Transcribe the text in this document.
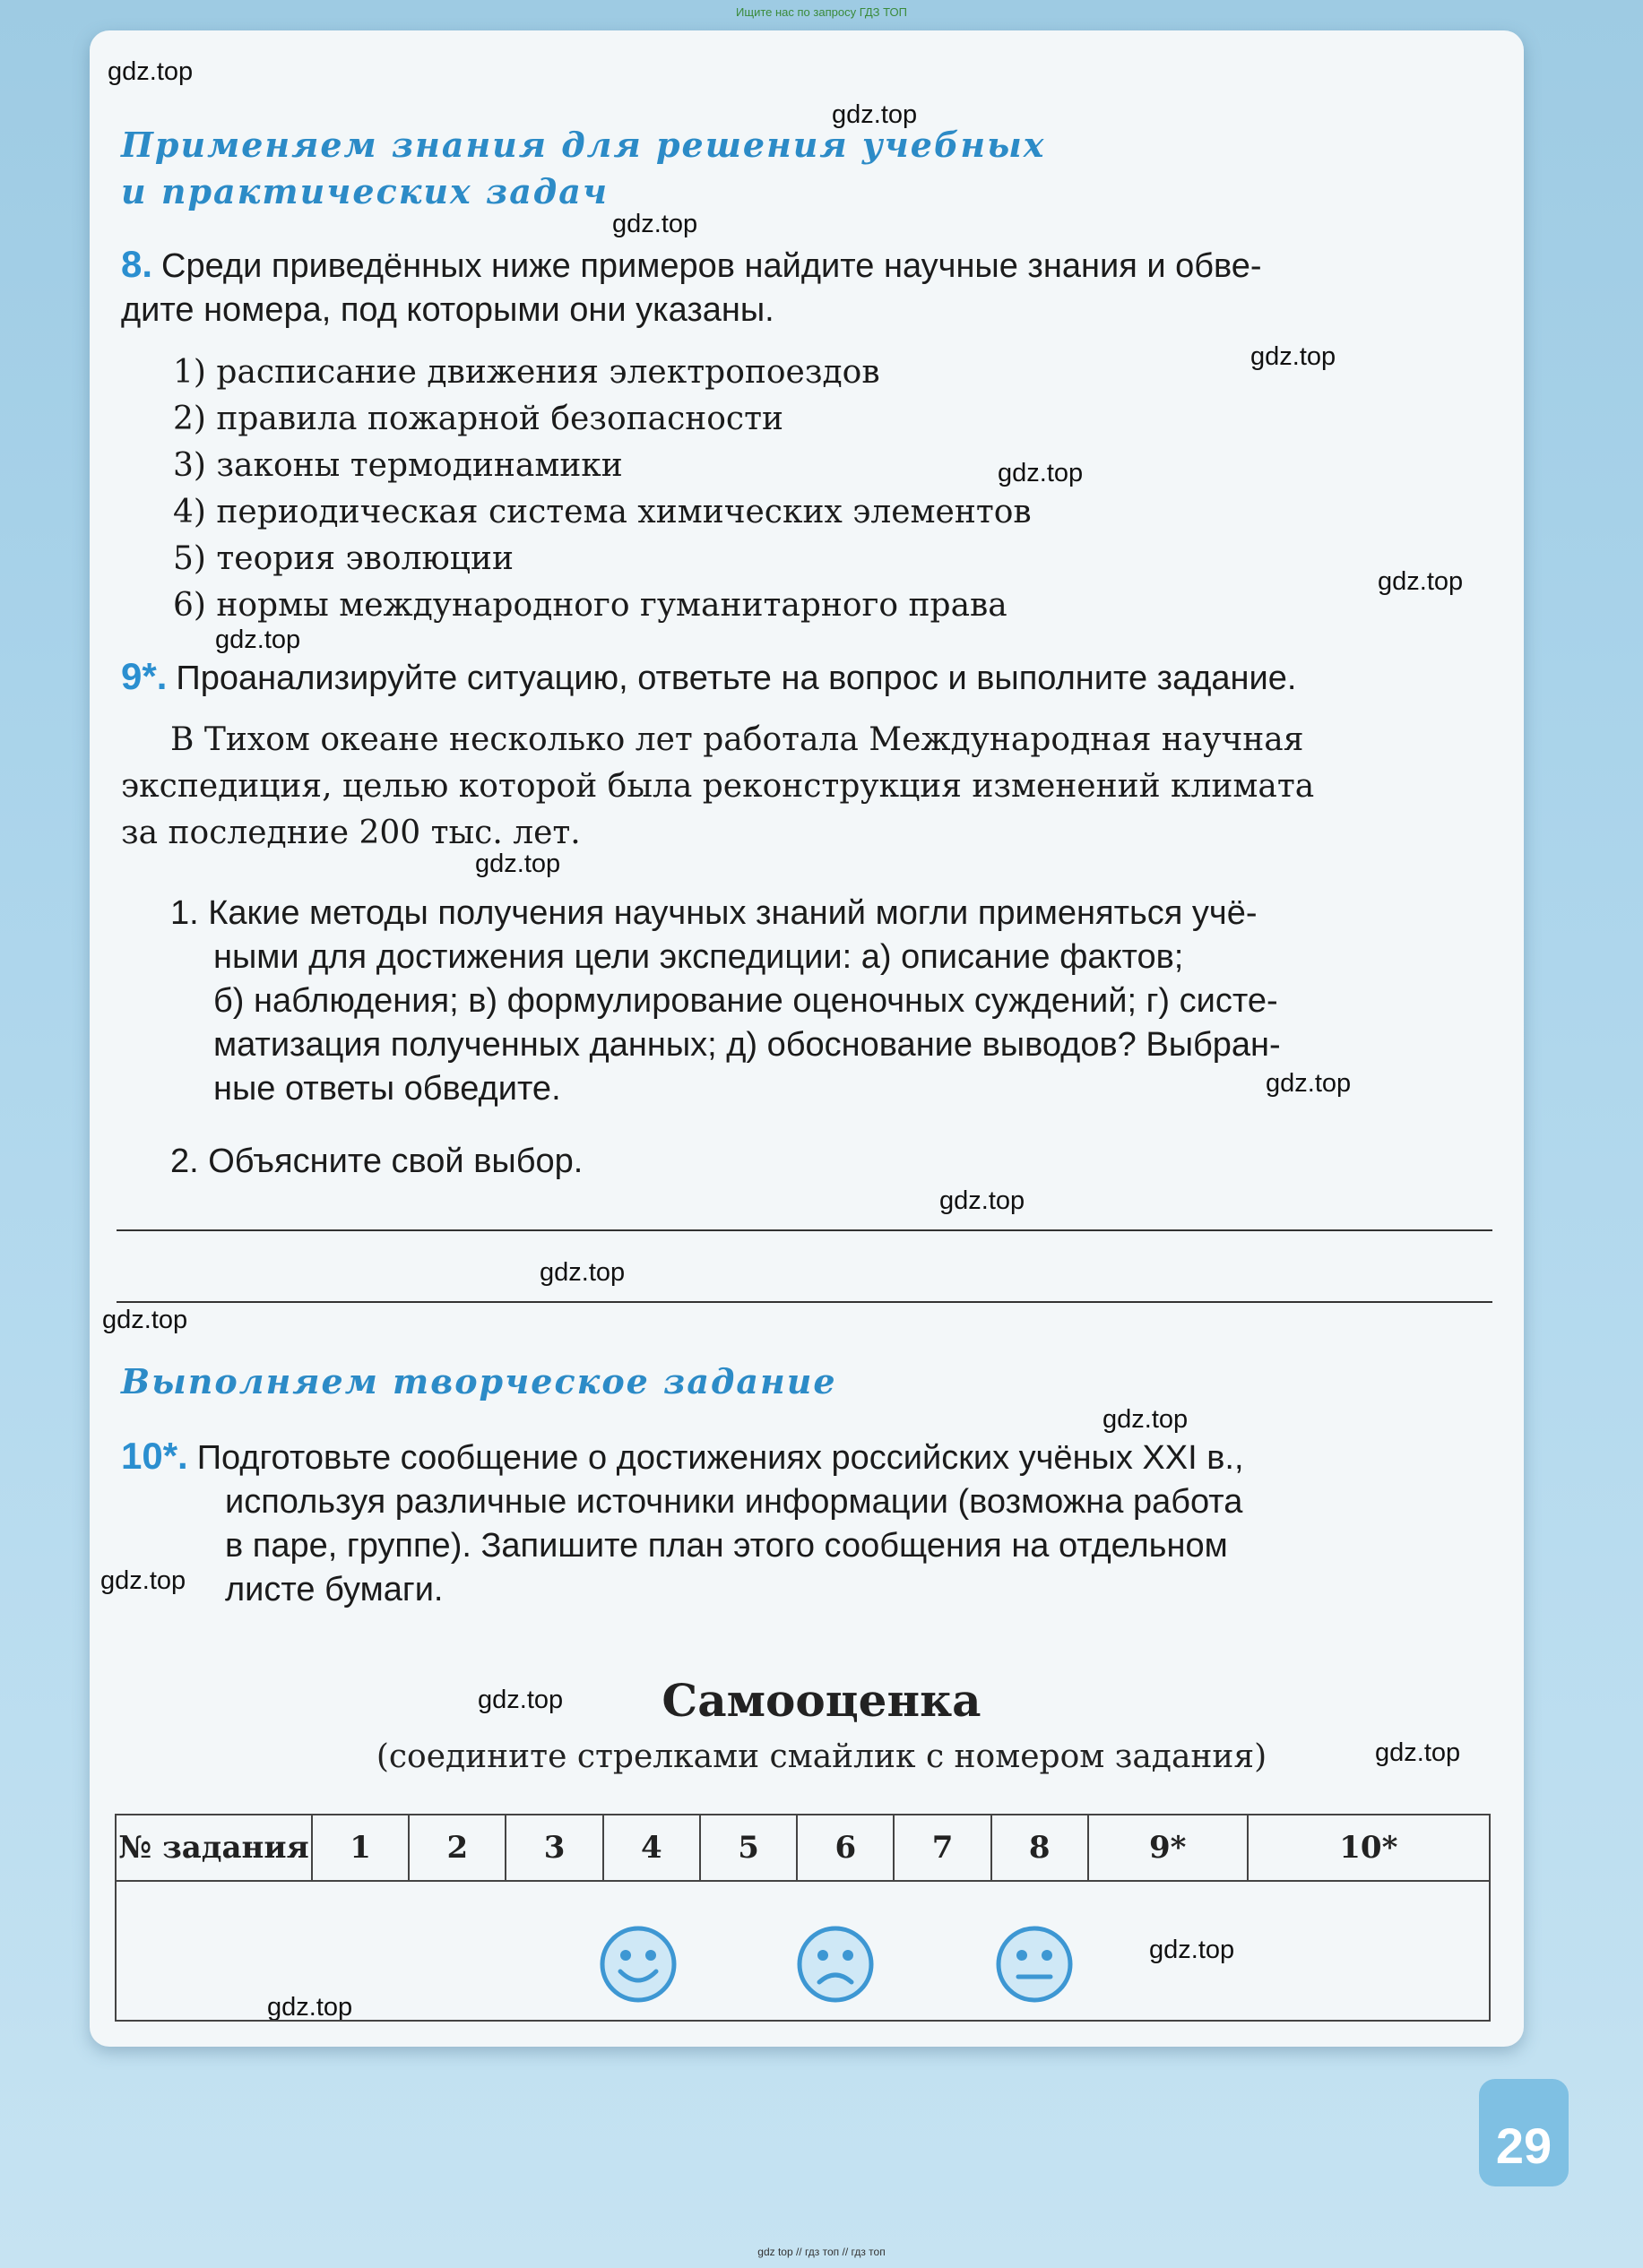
Ищите нас по запросу ГДЗ ТОП
gdz.top
gdz.top
gdz.top
gdz.top
gdz.top
gdz.top
gdz.top
gdz.top
gdz.top
gdz.top
gdz.top
gdz.top
gdz.top
gdz.top
gdz.top
gdz.top
gdz.top
gdz.top
Применяем знания для решения учебных
и практических задач
8. Среди приведённых ниже примеров найдите научные знания и обве-
дите номера, под которыми они указаны.
1) расписание движения электропоездов
2) правила пожарной безопасности
3) законы термодинамики
4) периодическая система химических элементов
5) теория эволюции
6) нормы международного гуманитарного права
9*. Проанализируйте ситуацию, ответьте на вопрос и выполните задание.
В Тихом океане несколько лет работала Международная научная
экспедиция, целью которой была реконструкция изменений климата
за последние 200 тыс. лет.
1. Какие методы получения научных знаний могли применяться учё-
ными для достижения цели экспедиции: а) описание фактов;
б) наблюдения; в) формулирование оценочных суждений; г) систе-
матизация полученных данных; д) обоснование выводов? Выбран-
ные ответы обведите.
2. Объясните свой выбор.
Выполняем творческое задание
10*. Подготовьте сообщение о достижениях российских учёных XXI в.,
используя различные источники информации (возможна работа
в паре, группе). Запишите план этого сообщения на отдельном
листе бумаги.
Самооценка
(соедините стрелками смайлик с номером задания)
№ задания	1	2	3	4	5	6	7	8	9*	10*

29
gdz top // гдз топ // гдз топ
